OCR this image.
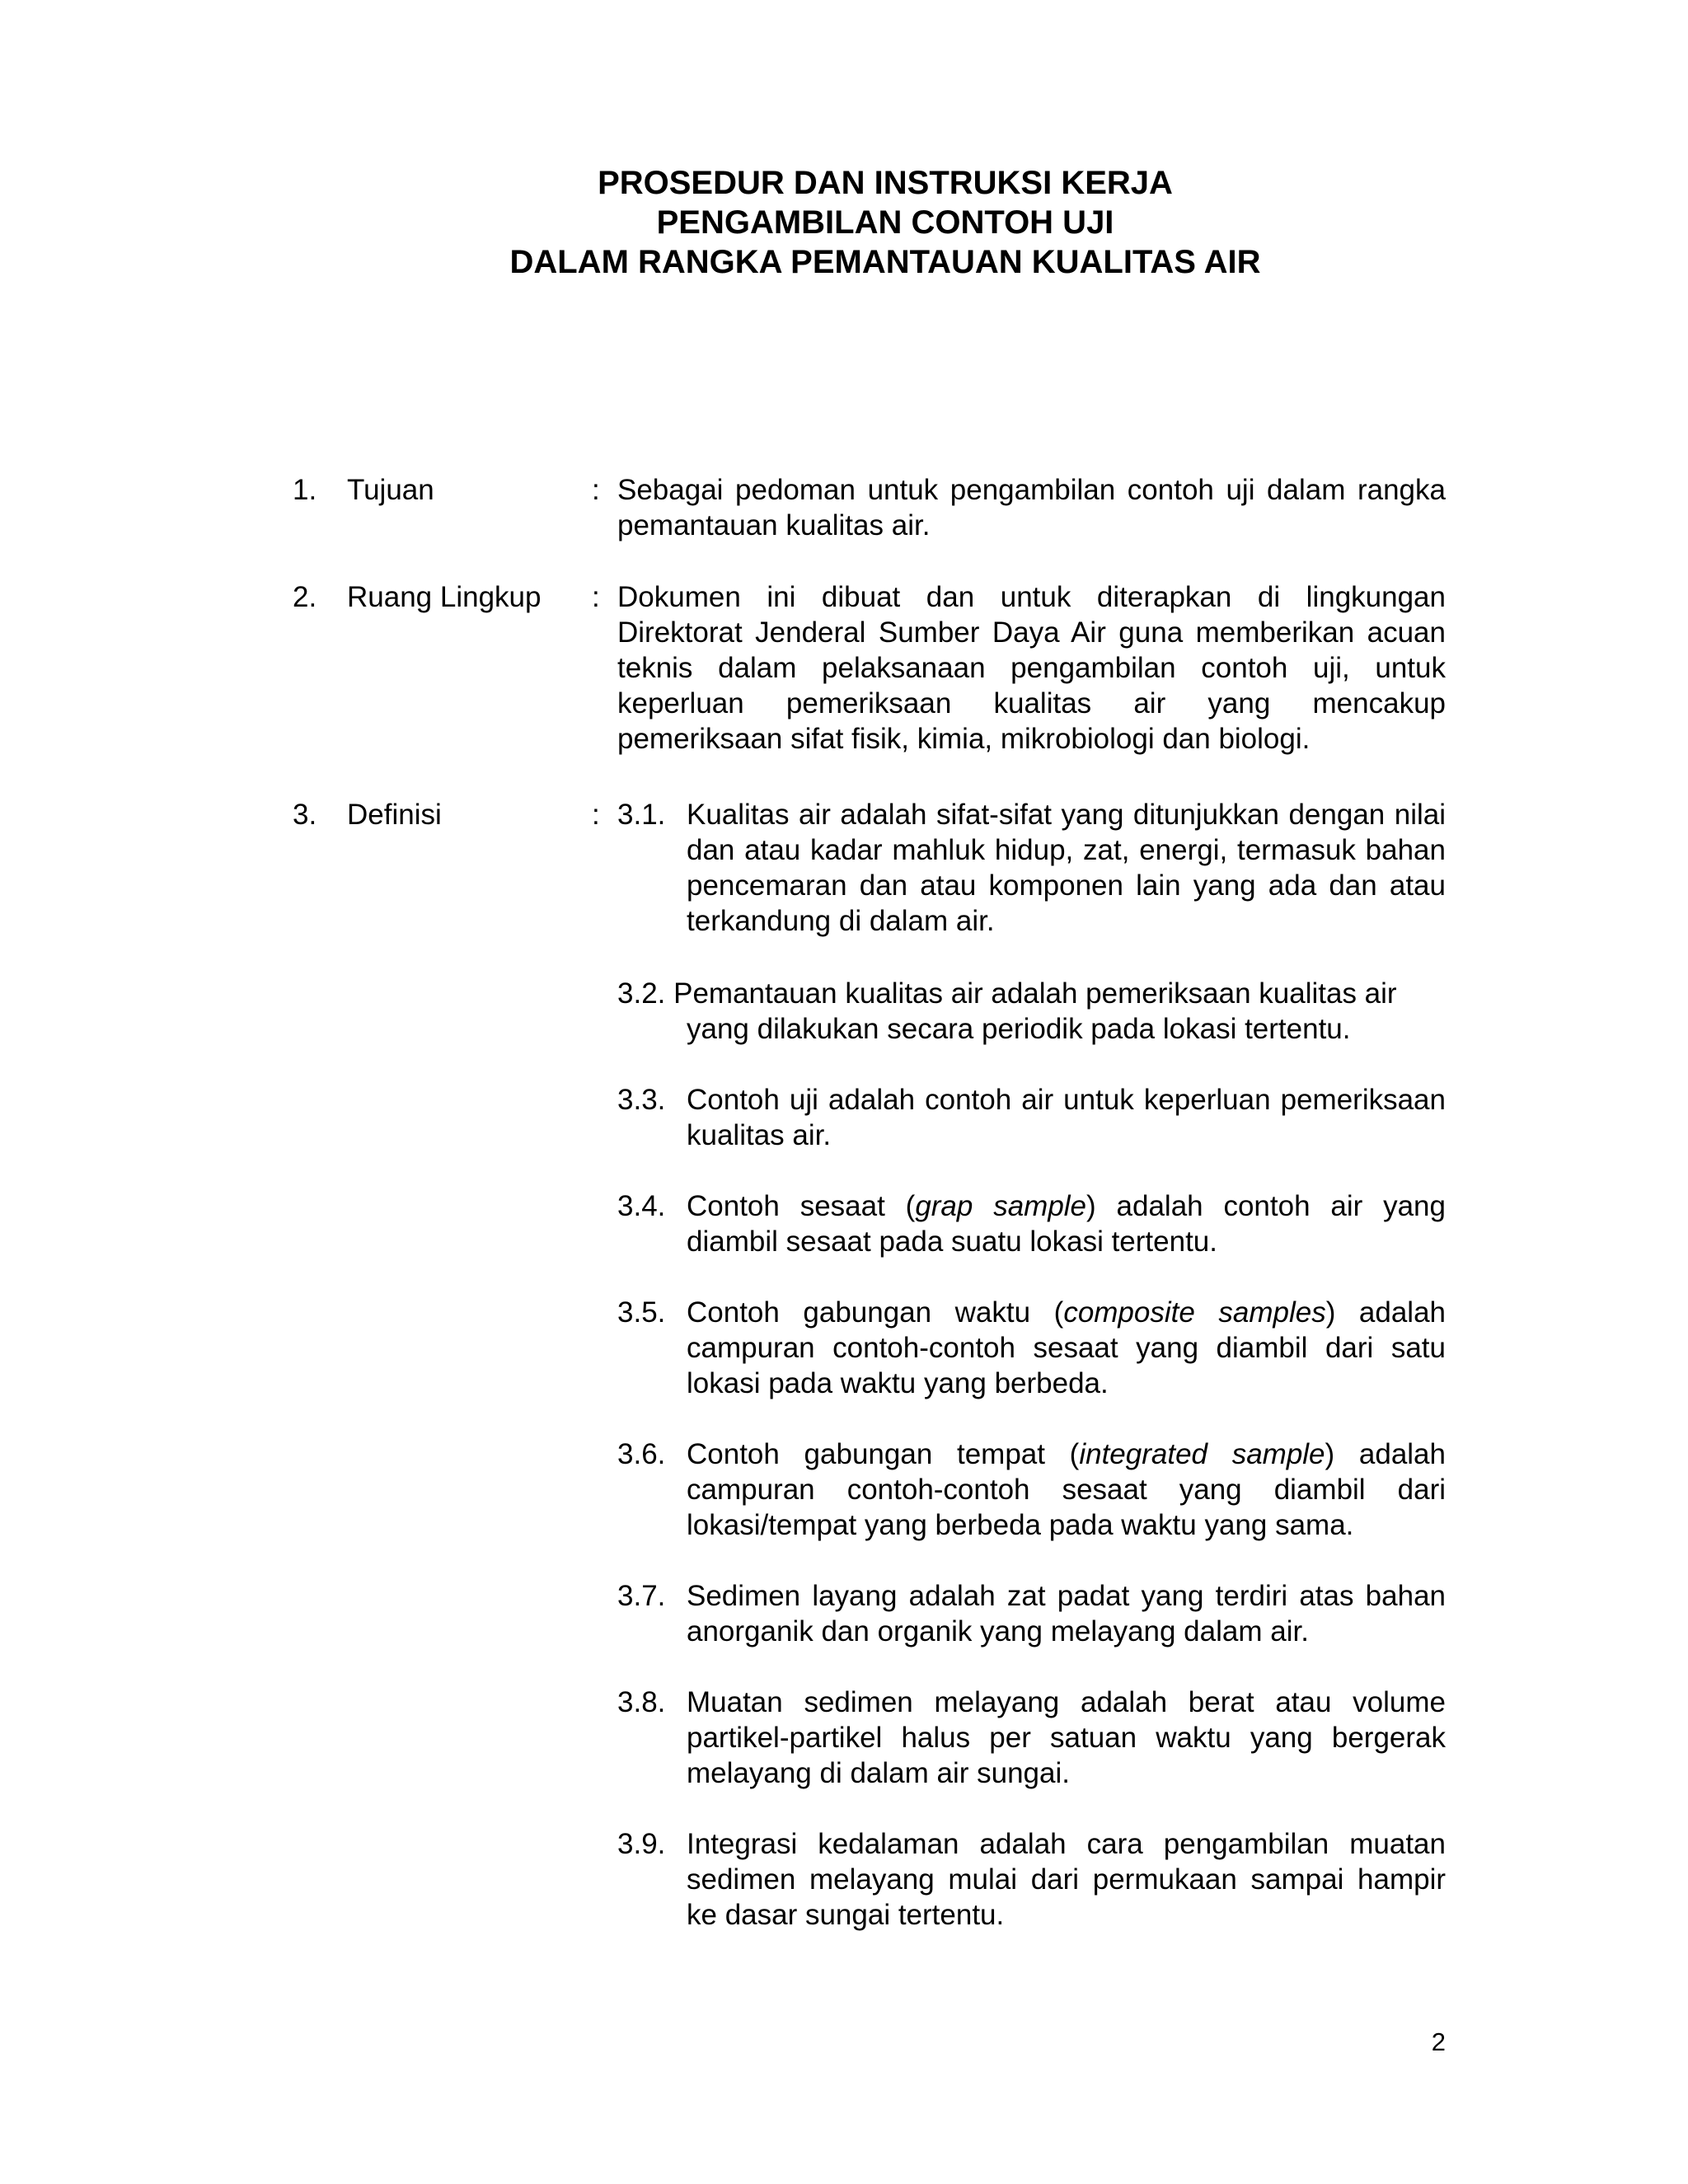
PROSEDUR DAN INSTRUKSI KERJA
PENGAMBILAN CONTOH UJI
DALAM RANGKA PEMANTAUAN KUALITAS AIR
1. Tujuan	: Sebagai pedoman untuk pengambilan contoh uji dalam rangka pemantauan kualitas air.

2. Ruang Lingkup : Dokumen ini dibuat dan untuk diterapkan di lingkungan Direktorat Jenderal Sumber Daya Air guna memberikan acuan teknis dalam pelaksanaan pengambilan contoh uji, untuk keperluan pemeriksaan kualitas air yang mencakup pemeriksaan sifat fisik, kimia, mikrobiologi dan biologi.

3. Definisi	: 3.1. Kualitas air adalah sifat-sifat yang ditunjukkan dengan nilai dan atau kadar mahluk hidup, zat, energi, termasuk bahan pencemaran dan atau komponen lain yang ada dan atau terkandung di dalam air.
3.2. Pemantauan kualitas air adalah pemeriksaan kualitas air
yang dilakukan secara periodik pada lokasi tertentu.
3.3. Contoh uji adalah contoh air untuk keperluan pemeriksaan kualitas air.
3.4. Contoh sesaat (grap sample) adalah contoh air yang diambil sesaat pada suatu lokasi tertentu.
3.5. Contoh gabungan waktu (composite samples) adalah campuran contoh-contoh sesaat yang diambil dari satu lokasi pada waktu yang berbeda.
3.6. Contoh gabungan tempat (integrated sample) adalah campuran contoh-contoh sesaat yang diambil dari lokasi/tempat yang berbeda pada waktu yang sama.
3.7. Sedimen layang adalah zat padat yang terdiri atas bahan anorganik dan organik yang melayang dalam air.
3.8. Muatan sedimen melayang adalah berat atau volume partikel-partikel halus per satuan waktu yang bergerak melayang di dalam air sungai.
3.9. Integrasi kedalaman adalah cara pengambilan muatan sedimen melayang mulai dari permukaan sampai hampir ke dasar sungai tertentu.
2
